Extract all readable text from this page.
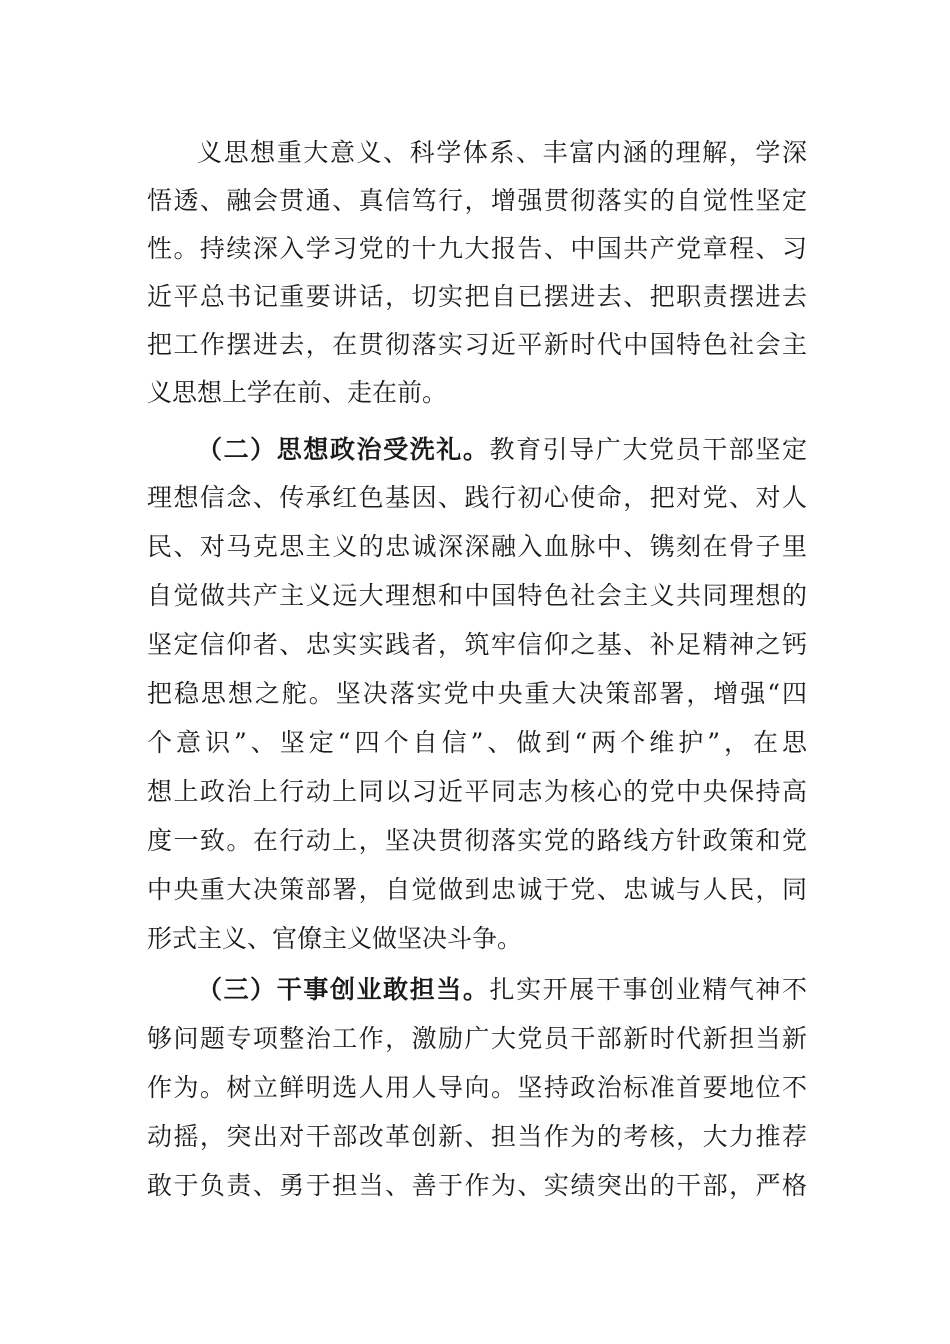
义思想重大意义、科学体系、丰富内涵的理解，学深
悟透、融会贯通、真信笃行，增强贯彻落实的自觉性坚定
性。持续深入学习党的十九大报告、中国共产党章程、习
近平总书记重要讲话，切实把自已摆进去、把职责摆进去
把工作摆进去，在贯彻落实习近平新时代中国特色社会主
义思想上学在前、走在前。
（二）思想政治受洗礼。教育引导广大党员干部坚定
理想信念、传承红色基因、践行初心使命，把对党、对人
民、对马克思主义的忠诚深深融入血脉中、镌刻在骨子里
自觉做共产主义远大理想和中国特色社会主义共同理想的
坚定信仰者、忠实实践者，筑牢信仰之基、补足精神之钙
把稳思想之舵。坚决落实党中央重大决策部署，增强“四
个意识”、坚定“四个自信”、做到“两个维护”，在思
想上政治上行动上同以习近平同志为核心的党中央保持高
度一致。在行动上，坚决贯彻落实党的路线方针政策和党
中央重大决策部署，自觉做到忠诚于党、忠诚与人民，同
形式主义、官僚主义做坚决斗争。
（三）干事创业敢担当。扎实开展干事创业精气神不
够问题专项整治工作，激励广大党员干部新时代新担当新
作为。树立鲜明选人用人导向。坚持政治标准首要地位不
动摇，突出对干部改革创新、担当作为的考核，大力推荐
敢于负责、勇于担当、善于作为、实绩突出的干部，严格
